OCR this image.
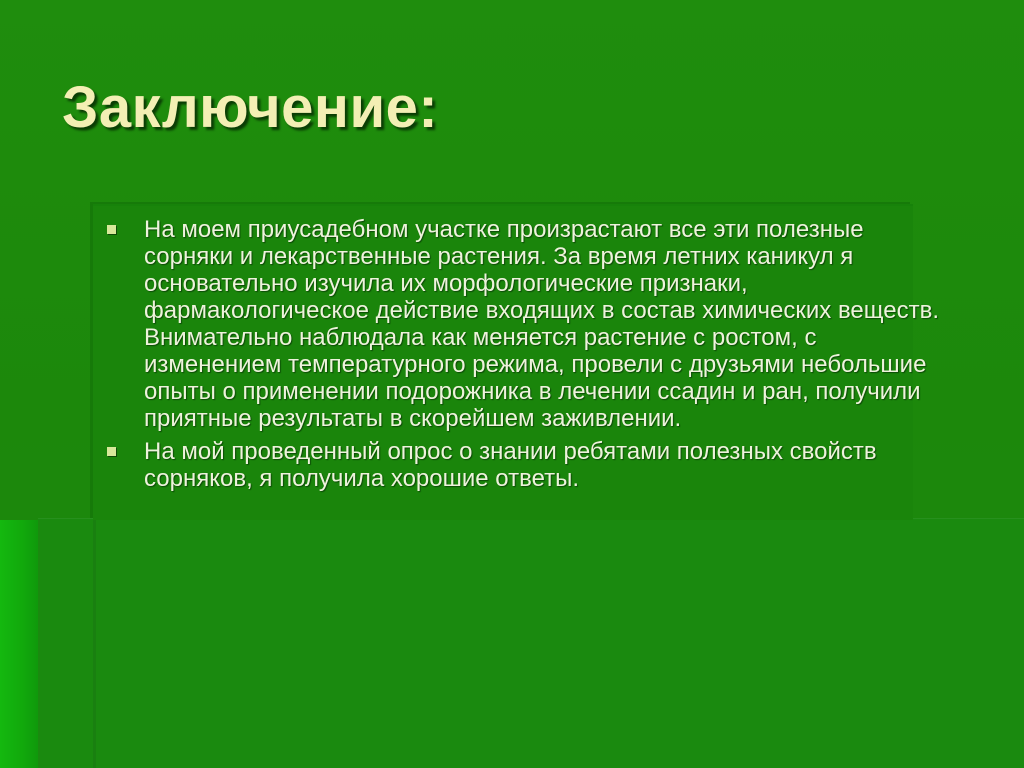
Заключение:
На моем приусадебном участке произрастают все эти полезные сорняки и лекарственные растения. За время летних каникул я основательно изучила их морфологические признаки, фармакологическое действие входящих в состав химических веществ. Внимательно наблюдала как меняется растение с ростом, с изменением температурного режима, провели с друзьями небольшие опыты о применении подорожника в лечении ссадин и ран, получили приятные результаты в скорейшем заживлении.
На мой проведенный опрос о знании ребятами полезных свойств сорняков, я получила хорошие ответы.
